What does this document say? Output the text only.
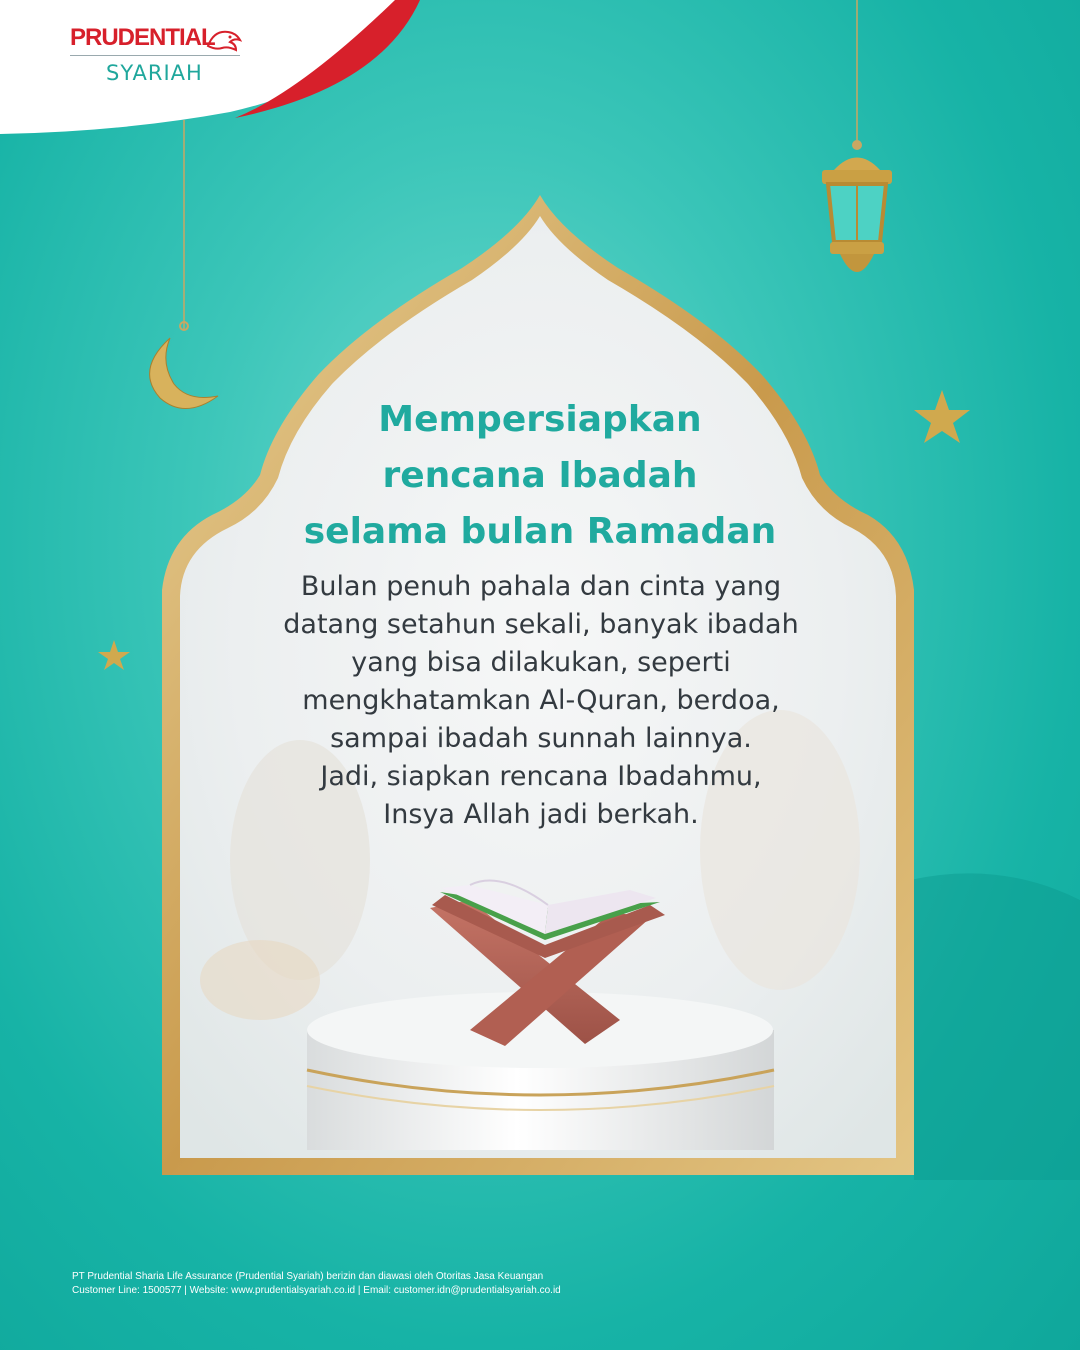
PRUDENTIAL
SYARIAH
Mempersiapkan
rencana Ibadah
selama bulan Ramadan

Bulan penuh pahala dan cinta yang
datang setahun sekali, banyak ibadah
yang bisa dilakukan, seperti
mengkhatamkan Al-Quran, berdoa,
sampai ibadah sunnah lainnya.
Jadi, siapkan rencana Ibadahmu,
Insya Allah jadi berkah.

PT Prudential Sharia Life Assurance (Prudential Syariah) berizin dan diawasi oleh Otoritas Jasa Keuangan
Customer Line: 1500577 | Website: www.prudentialsyariah.co.id | Email: customer.idn@prudentialsyariah.co.id
